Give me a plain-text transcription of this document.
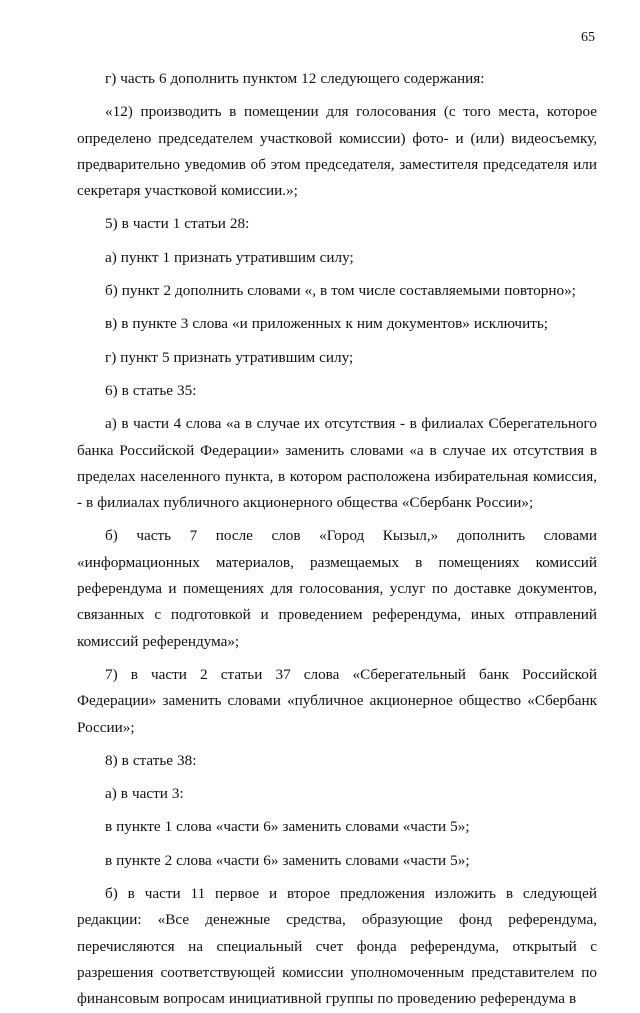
65

г) часть 6 дополнить пунктом 12 следующего содержания:

«12) производить в помещении для голосования (с того места, которое определено председателем участковой комиссии) фото- и (или) видеосъемку, предварительно уведомив об этом председателя, заместителя председателя или секретаря участковой комиссии.»;

5) в части 1 статьи 28:

а) пункт 1 признать утратившим силу;

б) пункт 2 дополнить словами «, в том числе составляемыми повторно»;

в) в пункте 3 слова «и приложенных к ним документов» исключить;

г) пункт 5 признать утратившим силу;

6) в статье 35:

а) в части 4 слова «а в случае их отсутствия - в филиалах Сберегательного банка Российской Федерации» заменить словами «а в случае их отсутствия в пределах населенного пункта, в котором расположена избирательная комиссия, - в филиалах публичного акционерного общества «Сбербанк России»;

б) часть 7 после слов «Город Кызыл,» дополнить словами «информационных материалов, размещаемых в помещениях комиссий референдума и помещениях для голосования, услуг по доставке документов, связанных с подготовкой и проведением референдума, иных отправлений комиссий референдума»;

7) в части 2 статьи 37 слова «Сберегательный банк Российской Федерации» заменить словами «публичное акционерное общество «Сбербанк России»;

8) в статье 38:

а) в части 3:

в пункте 1 слова «части 6» заменить словами «части 5»;

в пункте 2 слова «части 6» заменить словами «части 5»;

б) в части 11 первое и второе предложения изложить в следующей редакции: «Все денежные средства, образующие фонд референдума, перечисляются на специальный счет фонда референдума, открытый с разрешения соответствующей комиссии уполномоченным представителем по финансовым вопросам инициативной группы по проведению референдума в
